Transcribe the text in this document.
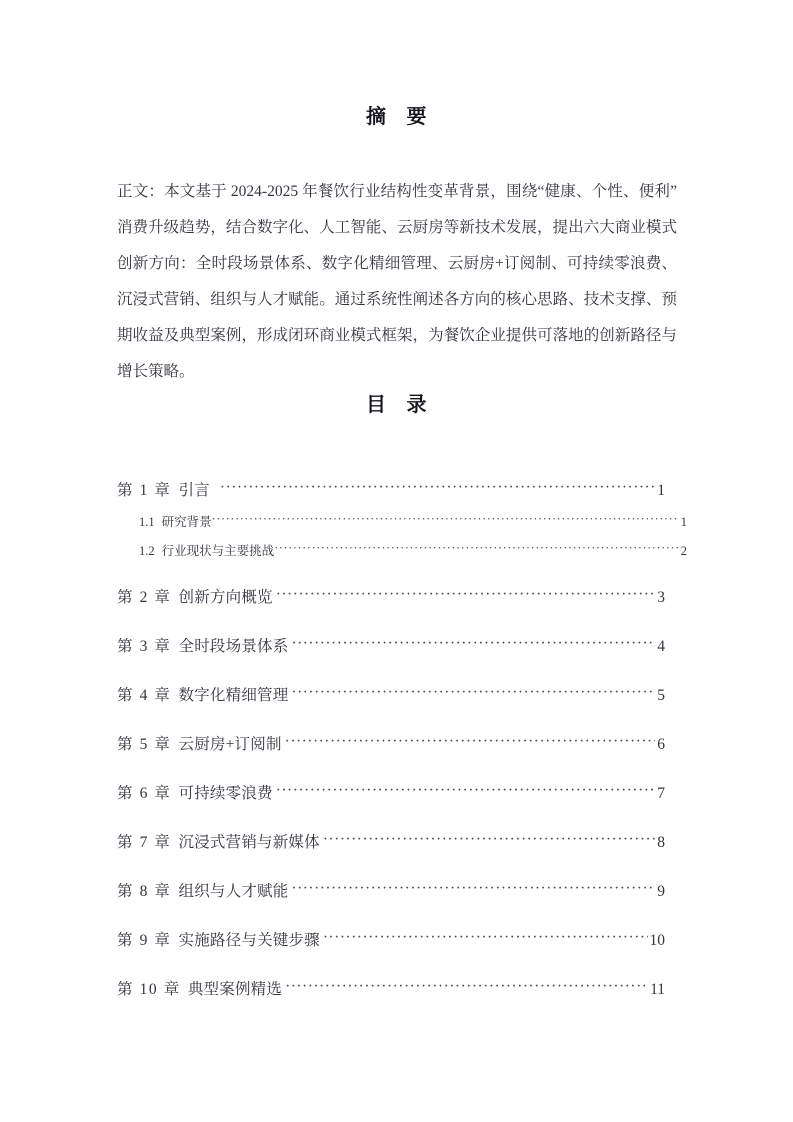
摘 要

正文：本文基于 2024-2025 年餐饮行业结构性变革背景，围绕“健康、个性、便利”消费升级趋势，结合数字化、人工智能、云厨房等新技术发展，提出六大商业模式创新方向：全时段场景体系、数字化精细管理、云厨房+订阅制、可持续零浪费、沉浸式营销、组织与人才赋能。通过系统性阐述各方向的核心思路、技术支撑、预期收益及典型案例，形成闭环商业模式框架，为餐饮企业提供可落地的创新路径与增长策略。

目 录
第 1 章 引言 ·····	1
1.1 研究背景 ·····	1
1.2 行业现状与主要挑战 ·····	2
第 2 章 创新方向概览 ·····	3
第 3 章 全时段场景体系 ·····	4
第 4 章 数字化精细管理 ·····	5
第 5 章 云厨房+订阅制 ·····	6
第 6 章 可持续零浪费 ·····	7
第 7 章 沉浸式营销与新媒体 ·····	8
第 8 章 组织与人才赋能 ·····	9
第 9 章 实施路径与关键步骤 ·····	10
第 10 章 典型案例精选 ·····	11
